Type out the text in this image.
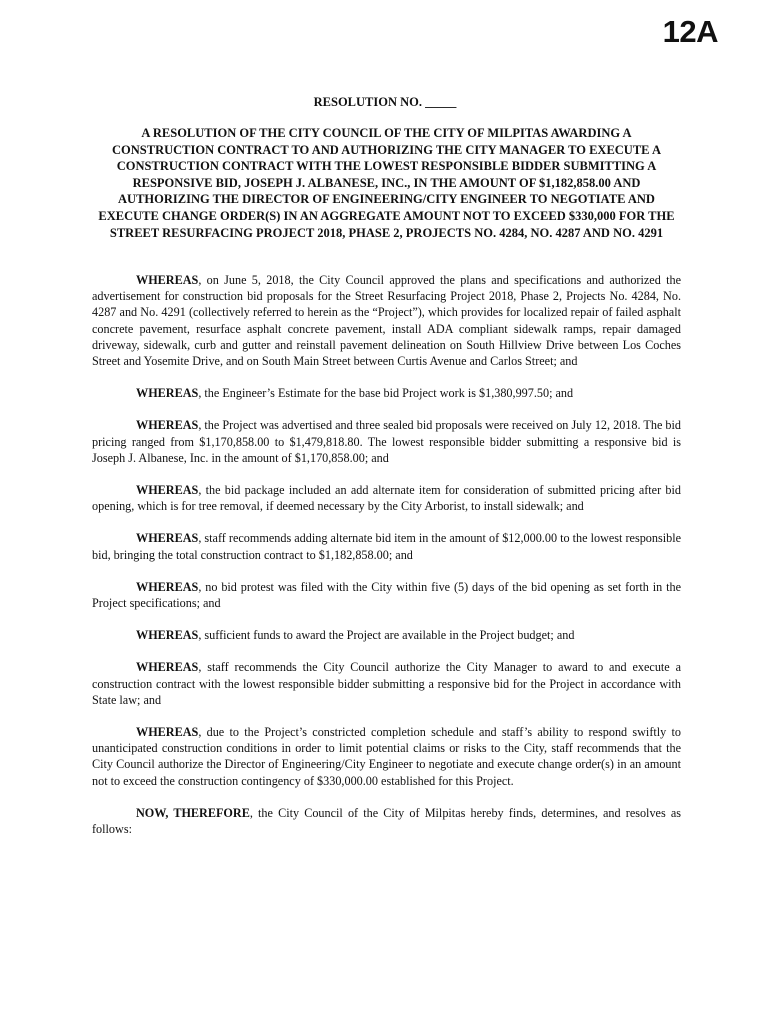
12A
RESOLUTION NO. _____
A RESOLUTION OF THE CITY COUNCIL OF THE CITY OF MILPITAS AWARDING A CONSTRUCTION CONTRACT TO AND AUTHORIZING THE CITY MANAGER TO EXECUTE A CONSTRUCTION CONTRACT WITH THE LOWEST RESPONSIBLE BIDDER SUBMITTING A RESPONSIVE BID, JOSEPH J. ALBANESE, INC., IN THE AMOUNT OF $1,182,858.00 AND AUTHORIZING THE DIRECTOR OF ENGINEERING/CITY ENGINEER TO NEGOTIATE AND EXECUTE CHANGE ORDER(S) IN AN AGGREGATE AMOUNT NOT TO EXCEED $330,000 FOR THE STREET RESURFACING PROJECT 2018, PHASE 2, PROJECTS NO. 4284, NO. 4287 AND NO. 4291

WHEREAS, on June 5, 2018, the City Council approved the plans and specifications and authorized the advertisement for construction bid proposals for the Street Resurfacing Project 2018, Phase 2, Projects No. 4284, No. 4287 and No. 4291 (collectively referred to herein as the “Project”), which provides for localized repair of failed asphalt concrete pavement, resurface asphalt concrete pavement, install ADA compliant sidewalk ramps, repair damaged driveway, sidewalk, curb and gutter and reinstall pavement delineation on South Hillview Drive between Los Coches Street and Yosemite Drive, and on South Main Street between Curtis Avenue and Carlos Street; and

WHEREAS, the Engineer’s Estimate for the base bid Project work is $1,380,997.50; and

WHEREAS, the Project was advertised and three sealed bid proposals were received on July 12, 2018. The bid pricing ranged from $1,170,858.00 to $1,479,818.80. The lowest responsible bidder submitting a responsive bid is Joseph J. Albanese, Inc. in the amount of $1,170,858.00; and

WHEREAS, the bid package included an add alternate item for consideration of submitted pricing after bid opening, which is for tree removal, if deemed necessary by the City Arborist, to install sidewalk; and

WHEREAS, staff recommends adding alternate bid item in the amount of $12,000.00 to the lowest responsible bid, bringing the total construction contract to $1,182,858.00; and

WHEREAS, no bid protest was filed with the City within five (5) days of the bid opening as set forth in the Project specifications; and

WHEREAS, sufficient funds to award the Project are available in the Project budget; and

WHEREAS, staff recommends the City Council authorize the City Manager to award to and execute a construction contract with the lowest responsible bidder submitting a responsive bid for the Project in accordance with State law; and

WHEREAS, due to the Project’s constricted completion schedule and staff’s ability to respond swiftly to unanticipated construction conditions in order to limit potential claims or risks to the City, staff recommends that the City Council authorize the Director of Engineering/City Engineer to negotiate and execute change order(s) in an amount not to exceed the construction contingency of $330,000.00 established for this Project.

NOW, THEREFORE, the City Council of the City of Milpitas hereby finds, determines, and resolves as follows:
